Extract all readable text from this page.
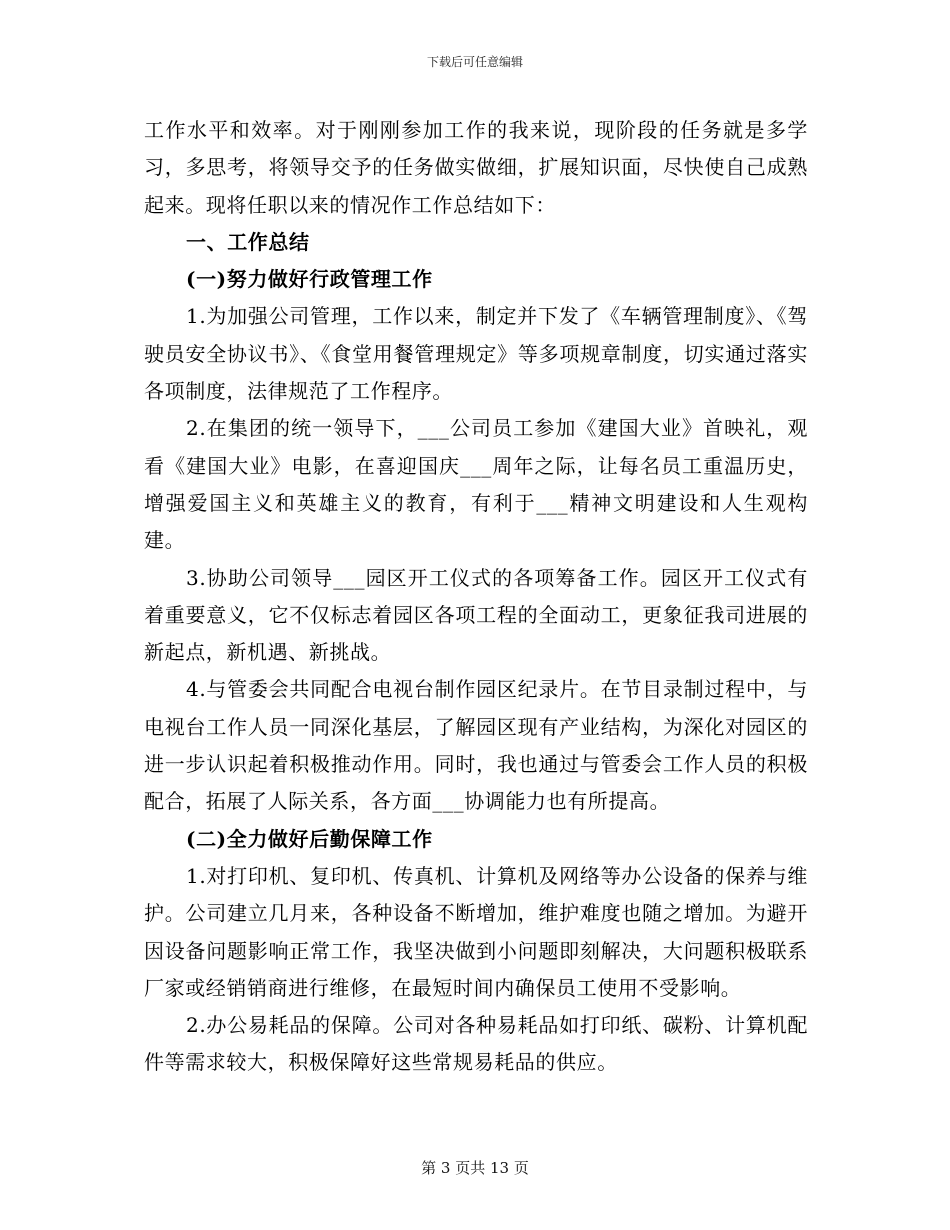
下载后可任意编辑

工作水平和效率。对于刚刚参加工作的我来说，现阶段的任务就是多学习，多思考，将领导交予的任务做实做细，扩展知识面，尽快使自己成熟起来。现将任职以来的情况作工作总结如下：

一、工作总结

(一)努力做好行政管理工作

1.为加强公司管理，工作以来，制定并下发了《车辆管理制度》、《驾驶员安全协议书》、《食堂用餐管理规定》等多项规章制度，切实通过落实各项制度，法律规范了工作程序。

2.在集团的统一领导下，___公司员工参加《建国大业》首映礼，观看《建国大业》电影，在喜迎国庆___周年之际，让每名员工重温历史，增强爱国主义和英雄主义的教育，有利于___精神文明建设和人生观构建。

3.协助公司领导___园区开工仪式的各项筹备工作。园区开工仪式有着重要意义，它不仅标志着园区各项工程的全面动工，更象征我司进展的新起点，新机遇、新挑战。

4.与管委会共同配合电视台制作园区纪录片。在节目录制过程中，与电视台工作人员一同深化基层，了解园区现有产业结构，为深化对园区的进一步认识起着积极推动作用。同时，我也通过与管委会工作人员的积极配合，拓展了人际关系，各方面___协调能力也有所提高。

(二)全力做好后勤保障工作

1.对打印机、复印机、传真机、计算机及网络等办公设备的保养与维护。公司建立几月来，各种设备不断增加，维护难度也随之增加。为避开因设备问题影响正常工作，我坚决做到小问题即刻解决，大问题积极联系厂家或经销销商进行维修，在最短时间内确保员工使用不受影响。

2.办公易耗品的保障。公司对各种易耗品如打印纸、碳粉、计算机配件等需求较大，积极保障好这些常规易耗品的供应。

第 3 页共 13 页
